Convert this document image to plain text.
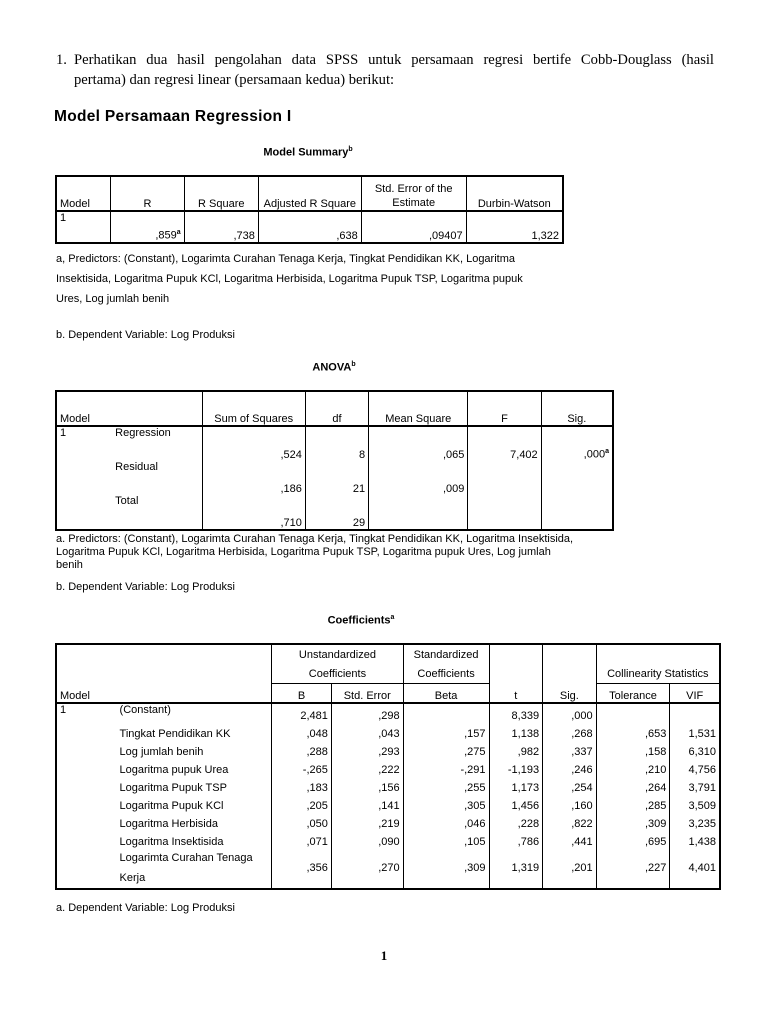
1. Perhatikan dua hasil pengolahan data SPSS untuk persamaan regresi bertife Cobb-Douglass (hasil
pertama) dan regresi linear (persamaan kedua) berikut:
Model Persamaan Regression I
Model Summary$^b$
Model	R	R Square	Adjusted R Square	Std. Error of the Estimate	Durbin-Watson
1	,859$^a$	,738	,638	,09407	1,322
a, Predictors: (Constant), Logarimta Curahan Tenaga Kerja, Tingkat Pendidikan KK, Logaritma
Insektisida, Logaritma Pupuk KCl, Logaritma Herbisida, Logaritma Pupuk TSP, Logaritma pupuk
Ures, Log jumlah benih
b. Dependent Variable: Log Produksi
ANOVA$^b$
Model		Sum of Squares	df	Mean Square	F	Sig.
1	Regression	,524	8	,065	7,402	,000$^a$
	Residual	,186	21	,009		
	Total	,710	29			
a. Predictors: (Constant), Logarimta Curahan Tenaga Kerja, Tingkat Pendidikan KK, Logaritma Insektisida,
Logaritma Pupuk KCl, Logaritma Herbisida, Logaritma Pupuk TSP, Logaritma pupuk Ures, Log jumlah
benih
b. Dependent Variable: Log Produksi
Coefficients$^a$
		Unstandardized		Standardized				
		Coefficients		Coefficients			Collinearity Statistics	
Model		B	Std. Error	Beta	t	Sig.	Tolerance	VIF
1	(Constant)	2,481	,298		8,339	,000		
	Tingkat Pendidikan KK	,048	,043	,157	1,138	,268	,653	1,531
	Log jumlah benih	,288	,293	,275	,982	,337	,158	6,310
	Logaritma pupuk Urea	-,265	,222	-,291	-1,193	,246	,210	4,756
	Logaritma Pupuk TSP	,183	,156	,255	1,173	,254	,264	3,791
	Logaritma Pupuk KCl	,205	,141	,305	1,456	,160	,285	3,509
	Logaritma Herbisida	,050	,219	,046	,228	,822	,309	3,235
	Logaritma Insektisida	,071	,090	,105	,786	,441	,695	1,438

	Logarimta Curahan Tenaga
Kerja	,356	,270	,309	1,319	,201	,227	4,401
a. Dependent Variable: Log Produksi
1
